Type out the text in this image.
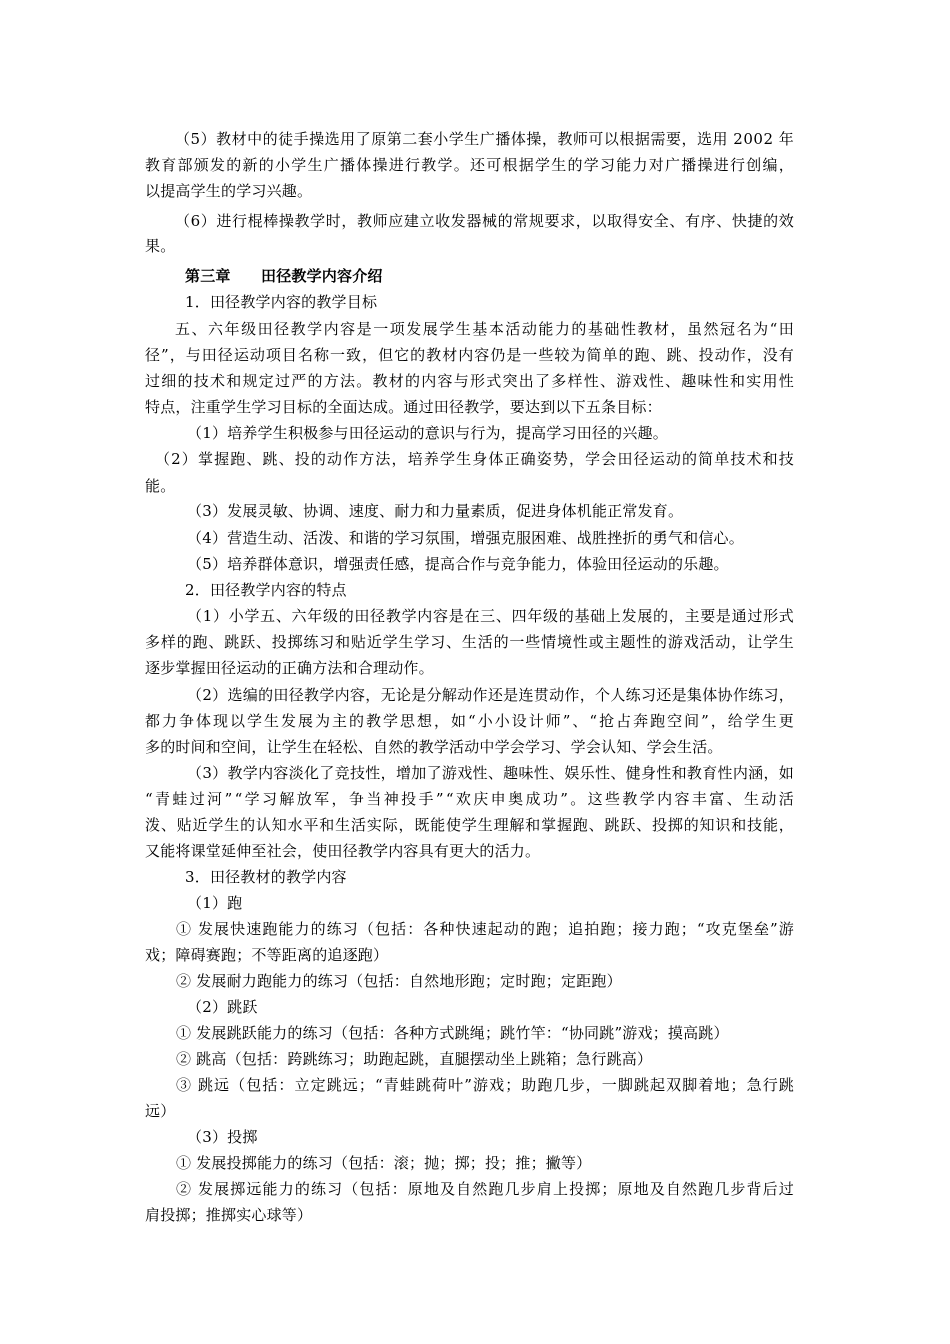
（5）教材中的徒手操选用了原第二套小学生广播体操，教师可以根据需要，选用 2002 年
教育部颁发的新的小学生广播体操进行教学。还可根据学生的学习能力对广播操进行创编，
以提高学生的学习兴趣。
（6）进行棍棒操教学时，教师应建立收发器械的常规要求，以取得安全、有序、快捷的效
果。
第三章　　田径教学内容介绍
1．田径教学内容的教学目标
五、六年级田径教学内容是一项发展学生基本活动能力的基础性教材，虽然冠名为“田
径”，与田径运动项目名称一致，但它的教材内容仍是一些较为简单的跑、跳、投动作，没有
过细的技术和规定过严的方法。教材的内容与形式突出了多样性、游戏性、趣味性和实用性
特点，注重学生学习目标的全面达成。通过田径教学，要达到以下五条目标：
（1）培养学生积极参与田径运动的意识与行为，提高学习田径的兴趣。
（2）掌握跑、跳、投的动作方法，培养学生身体正确姿势，学会田径运动的简单技术和技
能。
（3）发展灵敏、协调、速度、耐力和力量素质，促进身体机能正常发育。
（4）营造生动、活泼、和谐的学习氛围，增强克服困难、战胜挫折的勇气和信心。
（5）培养群体意识，增强责任感，提高合作与竞争能力，体验田径运动的乐趣。
2．田径教学内容的特点
（1）小学五、六年级的田径教学内容是在三、四年级的基础上发展的，主要是通过形式
多样的跑、跳跃、投掷练习和贴近学生学习、生活的一些情境性或主题性的游戏活动，让学生
逐步掌握田径运动的正确方法和合理动作。
（2）选编的田径教学内容，无论是分解动作还是连贯动作，个人练习还是集体协作练习，
都力争体现以学生发展为主的教学思想，如“小小设计师”、“抢占奔跑空间”，给学生更
多的时间和空间，让学生在轻松、自然的教学活动中学会学习、学会认知、学会生活。
（3）教学内容淡化了竞技性，增加了游戏性、趣味性、娱乐性、健身性和教育性内涵，如
“青蛙过河”“学习解放军，争当神投手”“欢庆申奥成功”。这些教学内容丰富、生动活
泼、贴近学生的认知水平和生活实际，既能使学生理解和掌握跑、跳跃、投掷的知识和技能，
又能将课堂延伸至社会，使田径教学内容具有更大的活力。
3．田径教材的教学内容
（1）跑
① 发展快速跑能力的练习（包括：各种快速起动的跑；追拍跑；接力跑；“攻克堡垒”游
戏；障碍赛跑；不等距离的追逐跑）
② 发展耐力跑能力的练习（包括：自然地形跑；定时跑；定距跑）
（2）跳跃
① 发展跳跃能力的练习（包括：各种方式跳绳；跳竹竿：“协同跳”游戏；摸高跳）
② 跳高（包括：跨跳练习；助跑起跳，直腿摆动坐上跳箱；急行跳高）
③ 跳远（包括：立定跳远；“青蛙跳荷叶”游戏；助跑几步，一脚跳起双脚着地；急行跳
远）
（3）投掷
① 发展投掷能力的练习（包括：滚；抛；掷；投；推；撇等）
② 发展掷远能力的练习（包括：原地及自然跑几步肩上投掷；原地及自然跑几步背后过
肩投掷；推掷实心球等）
